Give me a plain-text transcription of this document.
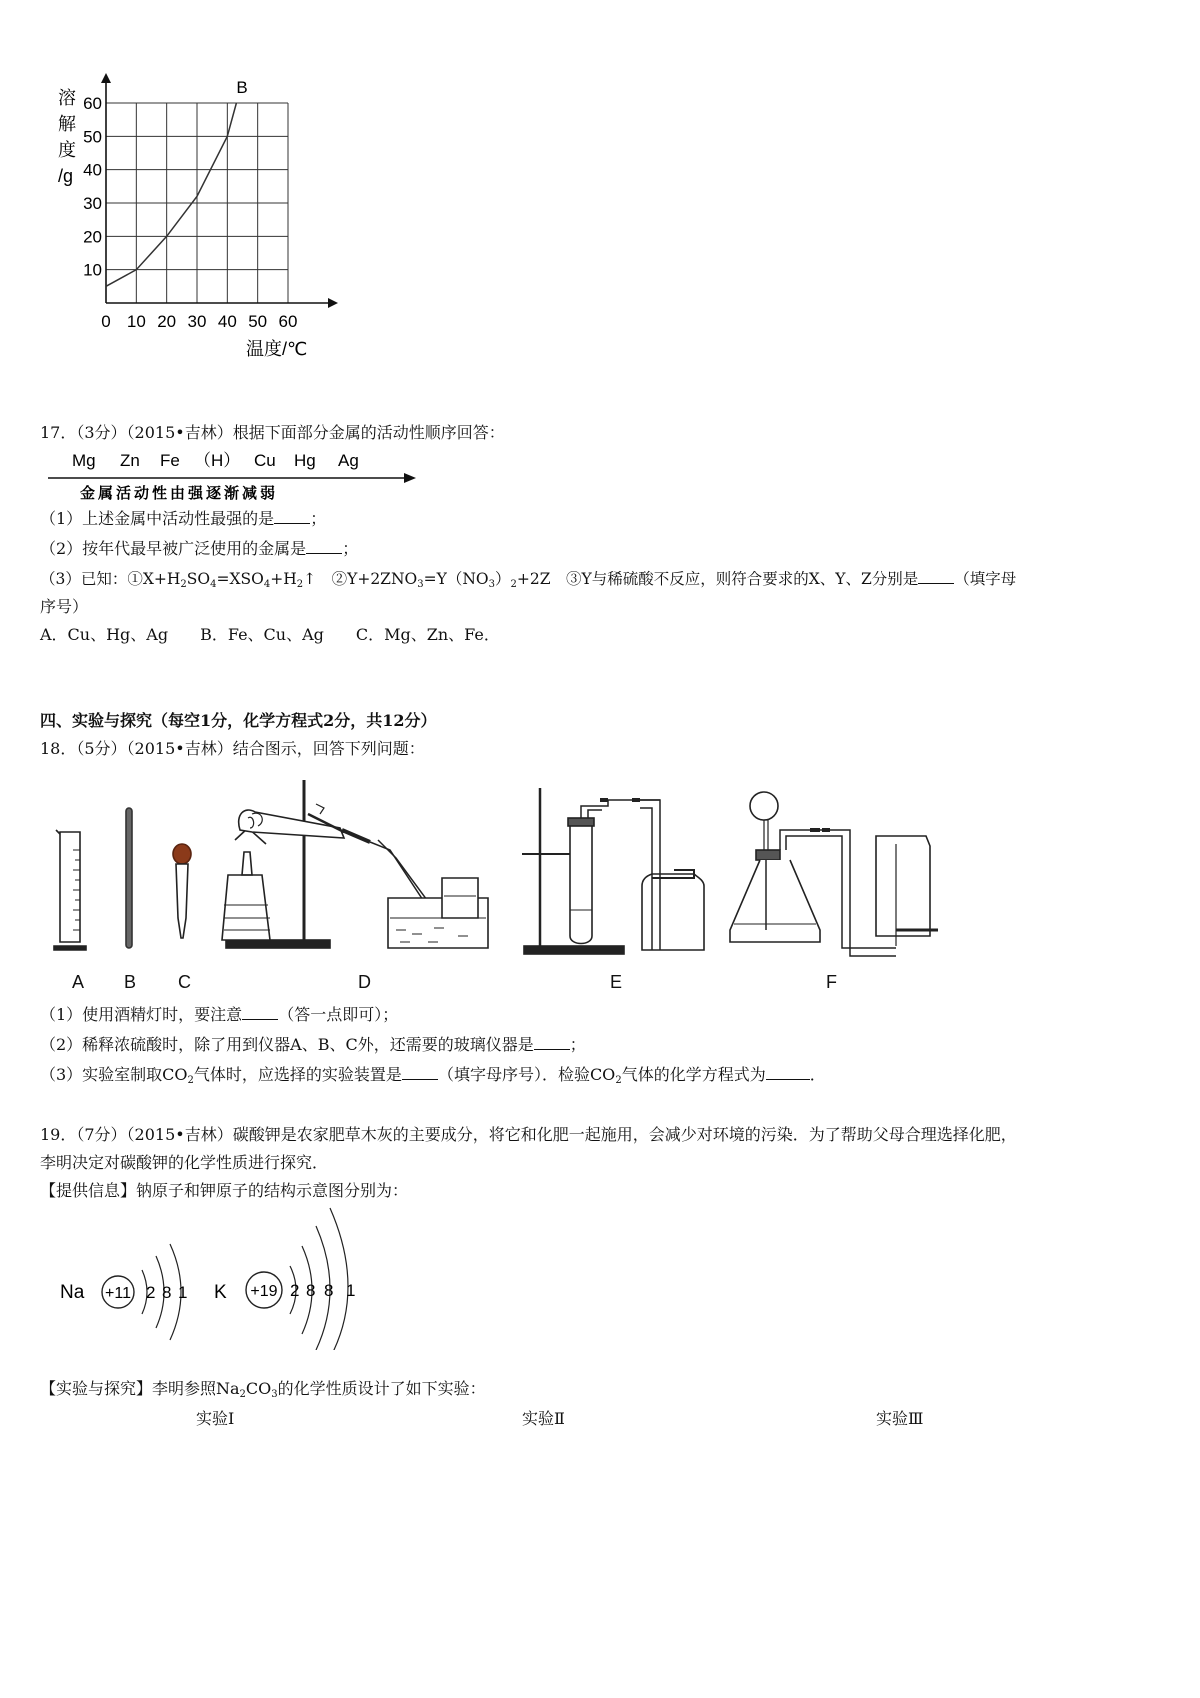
0 10 20 30 40 50 60
10
20
30
40
50
60
B
溶
解
度
/g
温度/℃
17．（3分）（2015•吉林）根据下面部分金属的活动性顺序回答：
Mg Zn Fe （H） Cu Hg Ag
金属活动性由强逐渐减弱
（1）上述金属中活动性最强的是 ；
（2）按年代最早被广泛使用的金属是 ；
（3）已知：$①X+H_2SO_4=XSO_4+H_2↑$　$②Y+2ZNO_3=Y(NO_3)_2+2Z$　③Y与稀硫酸不反应，则符合要求的X、Y、Z分别是 （填字母
序号）
A．Cu、Hg、Ag　　B．Fe、Cu、Ag　　C．Mg、Zn、Fe．
四、实验与探究（每空1分，化学方程式2分，共12分）
18．（5分）（2015•吉林）结合图示，回答下列问题：
A B C	D	E	F
（1）使用酒精灯时，要注意 （答一点即可）；
（2）稀释浓硫酸时，除了用到仪器A、B、C外，还需要的玻璃仪器是 ；
（3）实验室制取$CO_2$气体时，应选择的实验装置是 （填字母序号）．检验$CO_2$气体的化学方程式为	．
19．（7分）（2015•吉林）碳酸钾是农家肥草木灰的主要成分，将它和化肥一起施用，会减少对环境的污染．为了帮助父母合理选择化肥，
李明决定对碳酸钾的化学性质进行探究．
【提供信息】钠原子和钾原子的结构示意图分别为：
Na +11 2 8 1 K +19 2 8 8 1
【实验与探究】李明参照$Na_2CO_3$的化学性质设计了如下实验：
实验Ⅰ	实验Ⅱ	实验Ⅲ
